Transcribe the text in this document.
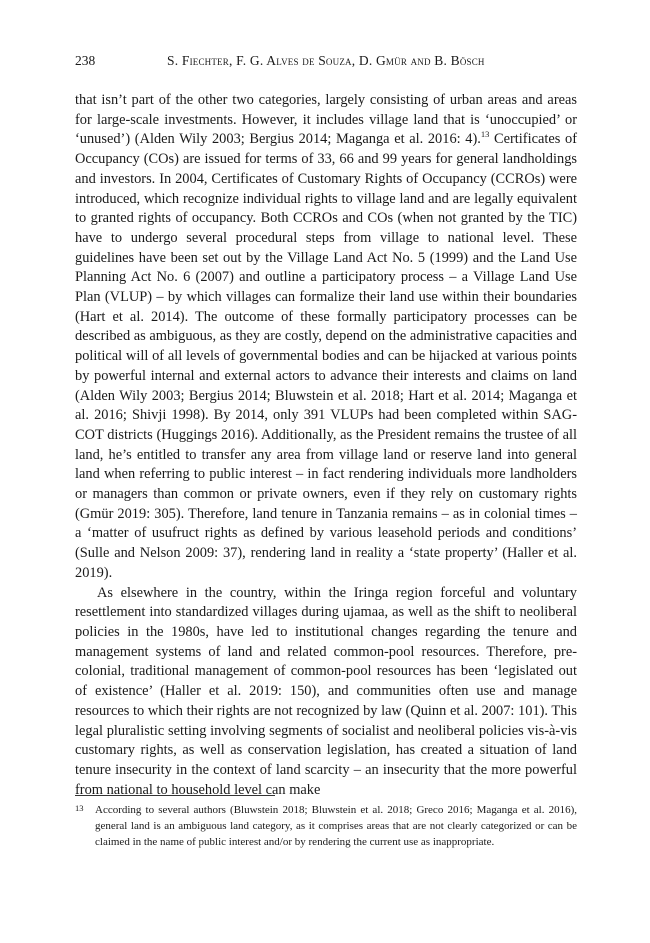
238	S. Fiechter, F. G. Alves de Souza, D. Gmür and B. Bösch

that isn’t part of the other two categories, largely consisting of urban areas and areas for large-scale investments. However, it includes village land that is ‘unoccupied’ or ‘unused’) (Alden Wily 2003; Bergius 2014; Maganga et al. 2016: 4).$^{13}$ Certificates of Occupancy (COs) are issued for terms of 33, 66 and 99 years for general landholdings and investors. In 2004, Certificates of Customary Rights of Occupancy (CCROs) were introduced, which recognize individual rights to village land and are legally equivalent to granted rights of occupancy. Both CCROs and COs (when not granted by the TIC) have to undergo several procedural steps from village to national level. These guidelines have been set out by the Village Land Act No. 5 (1999) and the Land Use Planning Act No. 6 (2007) and outline a participatory process – a Village Land Use Plan (VLUP) – by which villages can formalize their land use within their boundaries (Hart et al. 2014). The outcome of these formally participatory processes can be described as ambiguous, as they are costly, depend on the administrative capacities and political will of all levels of governmental bodies and can be hijacked at various points by powerful internal and external actors to advance their interests and claims on land (Alden Wily 2003; Bergius 2014; Bluwstein et al. 2018; Hart et al. 2014; Maganga et al. 2016; Shivji 1998). By 2014, only 391 VLUPs had been completed within SAGCOT districts (Huggings 2016). Additionally, as the President remains the trustee of all land, he’s entitled to transfer any area from village land or reserve land into general land when referring to public interest – in fact rendering individuals more landholders or managers than common or private owners, even if they rely on customary rights (Gmür 2019: 305). Therefore, land tenure in Tanzania remains – as in colonial times – a ‘matter of usufruct rights as defined by various leasehold periods and conditions’ (Sulle and Nelson 2009: 37), rendering land in reality a ‘state property’ (Haller et al. 2019).

As elsewhere in the country, within the Iringa region forceful and voluntary resettlement into standardized villages during ujamaa, as well as the shift to neoliberal policies in the 1980s, have led to institutional changes regarding the tenure and management systems of land and related common-pool resources. Therefore, pre-colonial, traditional management of common-pool resources has been ‘legislated out of existence’ (Haller et al. 2019: 150), and communities often use and manage resources to which their rights are not recognized by law (Quinn et al. 2007: 101). This legal pluralistic setting involving segments of socialist and neoliberal policies vis-à-vis customary rights, as well as conservation legislation, has created a situation of land tenure insecurity in the context of land scarcity – an insecurity that the more powerful from national to household level can make

13 According to several authors (Bluwstein 2018; Bluwstein et al. 2018; Greco 2016; Maganga et al. 2016), general land is an ambiguous land category, as it comprises areas that are not clearly categorized or can be claimed in the name of public interest and/or by rendering the current use as inappropriate.
